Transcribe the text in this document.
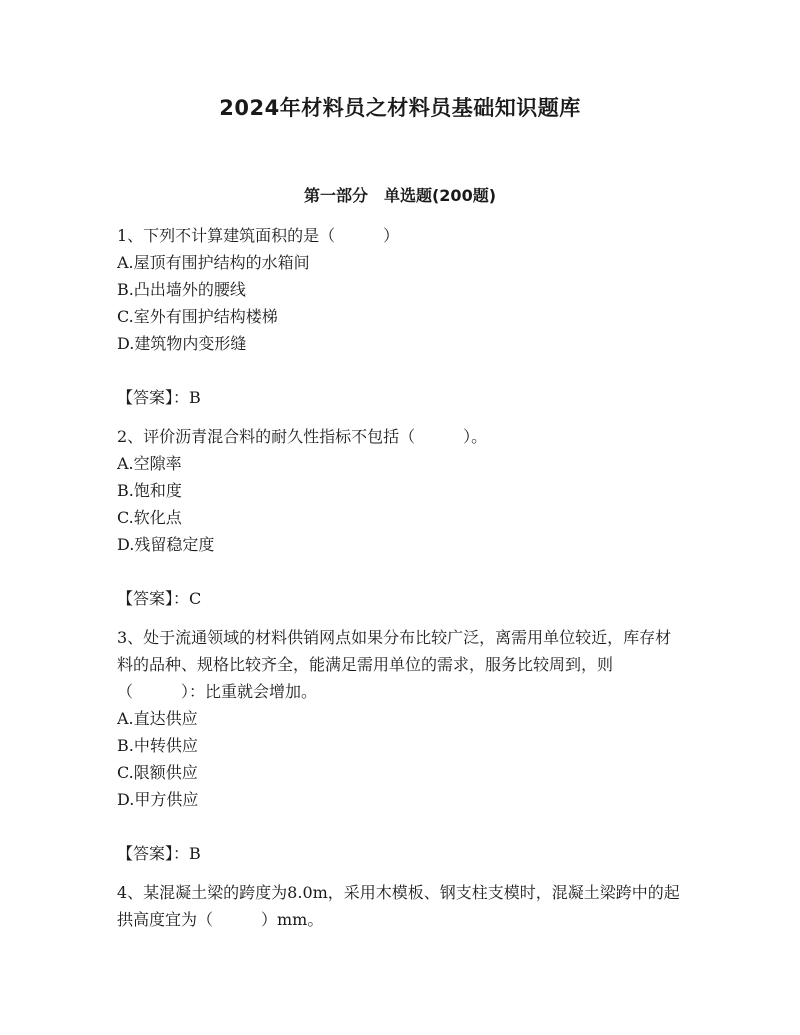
2024年材料员之材料员基础知识题库
第一部分　单选题(200题)

1、下列不计算建筑面积的是（　　　）

A.屋顶有围护结构的水箱间

B.凸出墙外的腰线

C.室外有围护结构楼梯

D.建筑物内变形缝

【答案】：B

2、评价沥青混合料的耐久性指标不包括（　　　）。

A.空隙率

B.饱和度

C.软化点

D.残留稳定度

【答案】：C

3、处于流通领域的材料供销网点如果分布比较广泛，离需用单位较近，库存材料的品种、规格比较齐全，能满足需用单位的需求，服务比较周到，则（　　　）：比重就会增加。

A.直达供应

B.中转供应

C.限额供应

D.甲方供应

【答案】：B

4、某混凝土梁的跨度为8.0m，采用木模板、钢支柱支模时，混凝土梁跨中的起拱高度宜为（　　　）mm。
